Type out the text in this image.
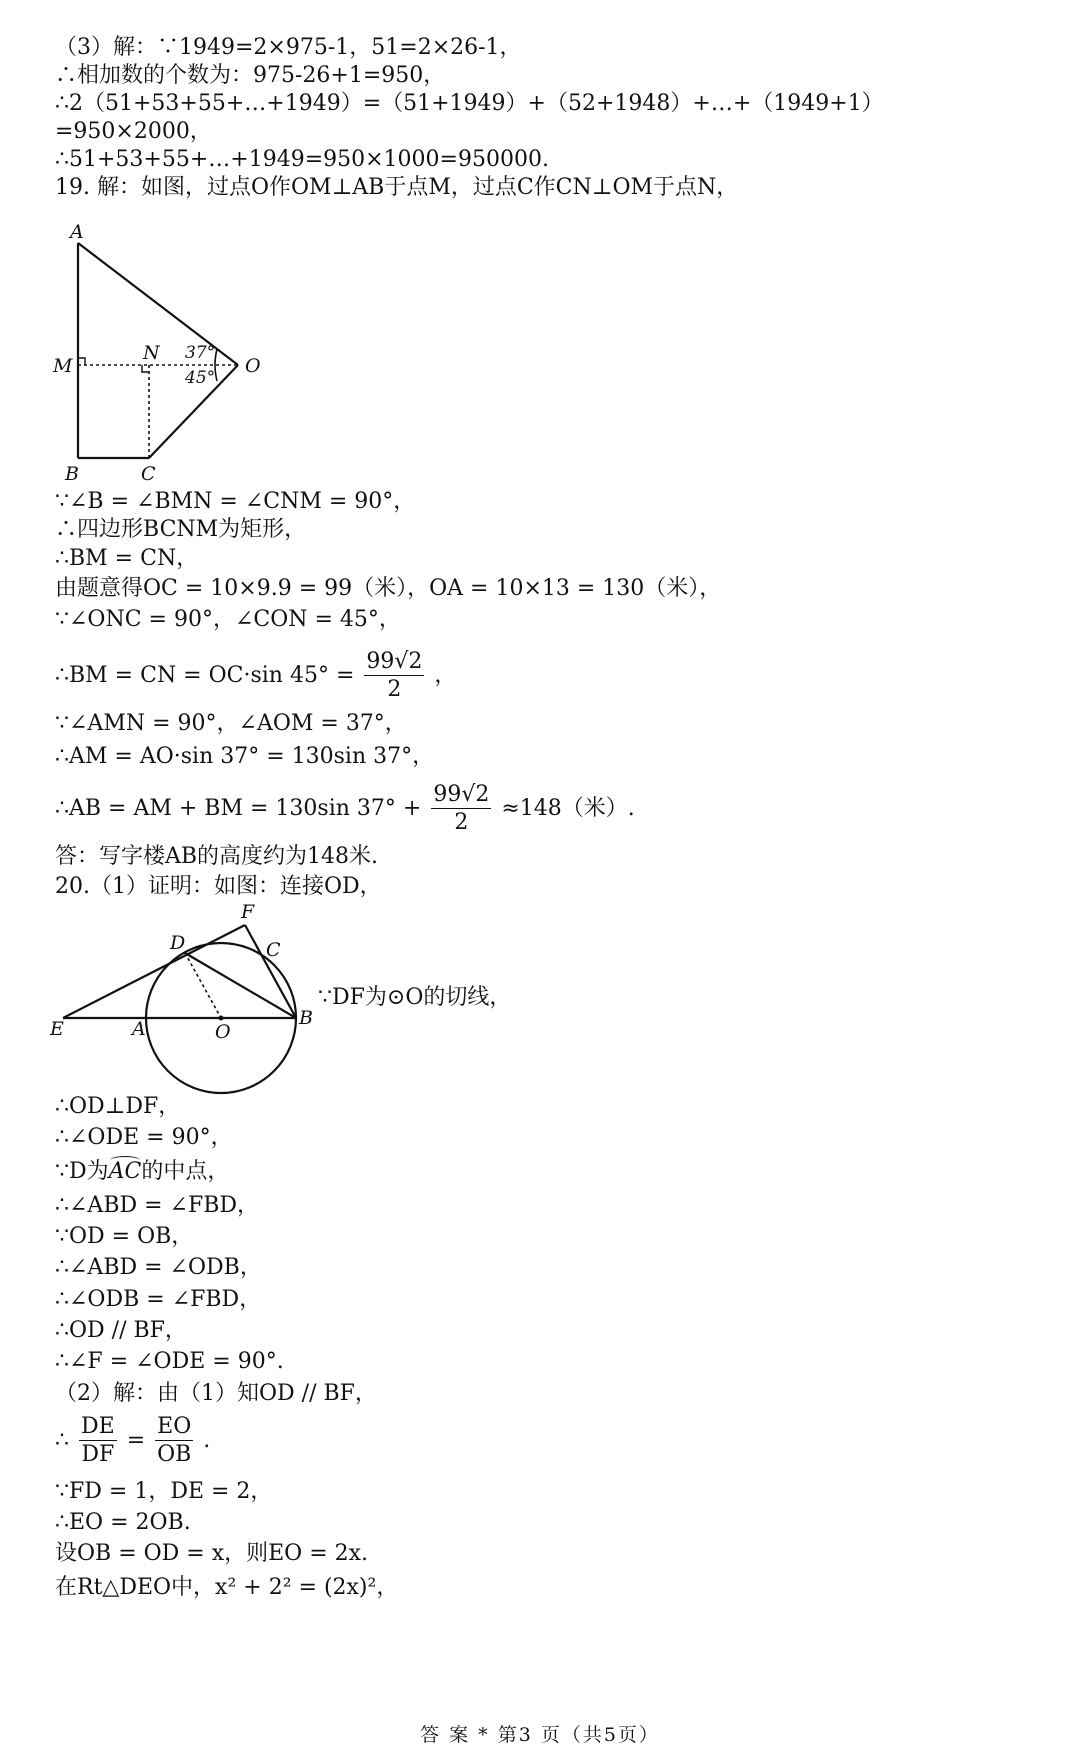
（3）解：∵1949=2×975-1，51=2×26-1，
∴相加数的个数为：975-26+1=950，
∴2（51+53+55+…+1949）=（51+1949）+（52+1948）+…+（1949+1）
=950×2000，
∴51+53+55+…+1949=950×1000=950000.
19. 解：如图，过点O作OM⊥AB于点M，过点C作CN⊥OM于点N，
A
M
N
O
B	C
37°
45°
∵∠B = ∠BMN = ∠CNM = 90°，
∴四边形BCNM为矩形，
∴BM = CN，
由题意得OC = 10×9.9 = 99（米），OA = 10×13 = 130（米），
∵∠ONC = 90°，∠CON = 45°，
∴BM = CN = OC·sin $45^\circ = \frac{99√2}{2}$ ，
∵∠AMN = 90°，∠AOM = 37°，
∴AM = AO·sin 37° = 130sin 37°，
∴AB = AM + BM = 130sin $37^\circ + \frac{99√2}{2} \approx 148$（米）.
答：写字楼AB的高度约为148米.
20.（1）证明：如图：连接OD，
F
D	C
E	A	O
B
∵DF为⊙O的切线，
∴OD⊥DF，
∴∠ODE = 90°，
∵D为AC的中点，
∴∠ABD = ∠FBD，
∵OD = OB，
∴∠ABD = ∠ODB，
∴∠ODB = ∠FBD，
∴OD // BF，
∴∠F = ∠ODE = 90°.
（2）解：由（1）知OD // BF，
∴ $\frac{DE}{DF} = \frac{EO}{OB}$ .
∵FD = 1，DE = 2，
∴EO = 2OB.
设OB = OD = x，则EO = 2x.
在Rt△DEO中，x² + 2² = (2x)²，
答 案 * 第3 页（共5页）
